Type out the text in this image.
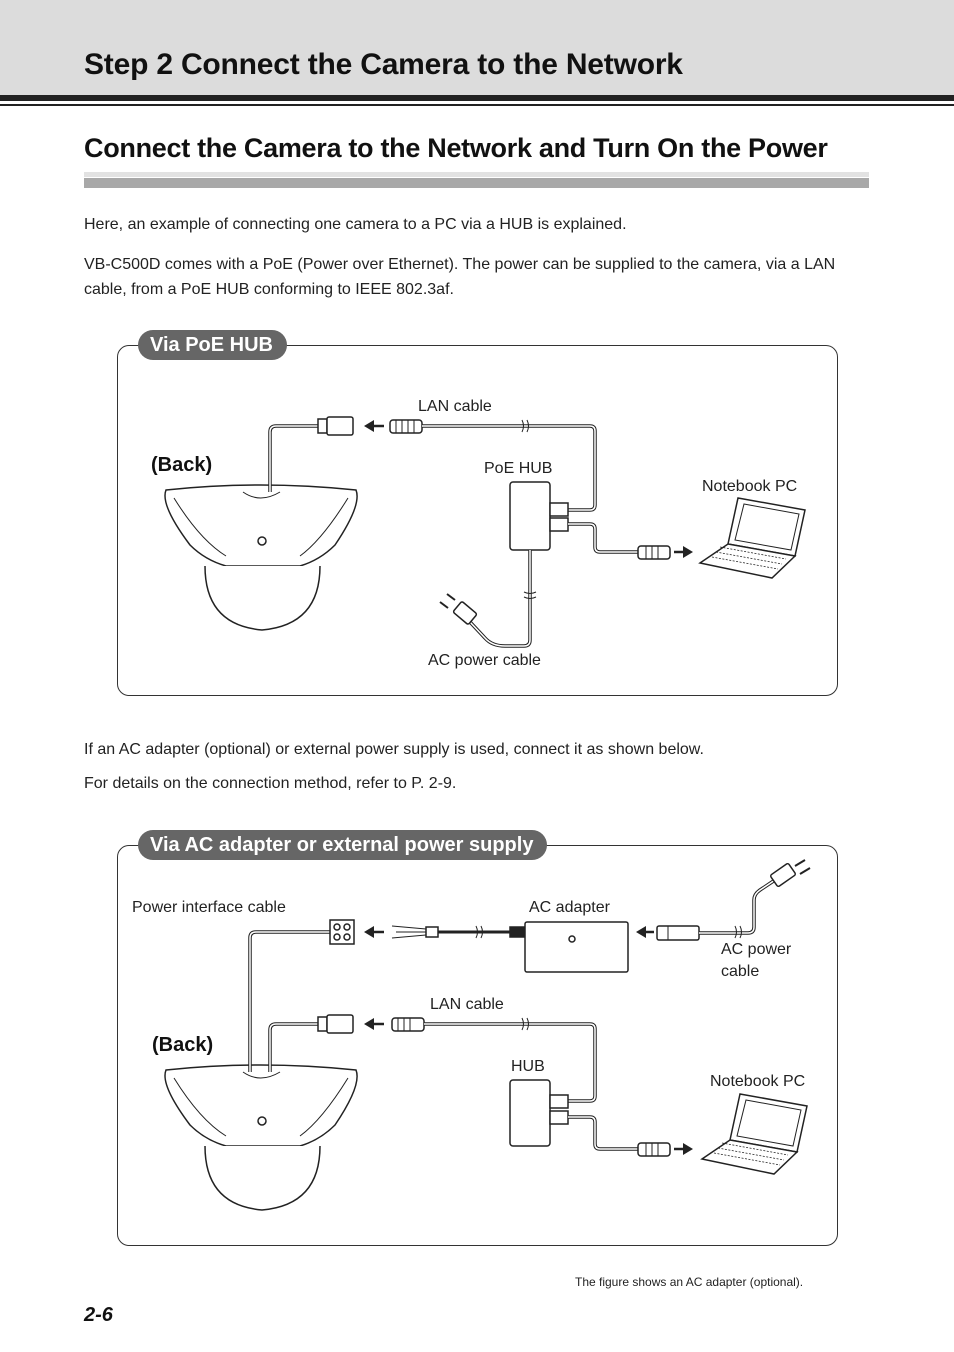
Step 2 Connect the Camera to the Network
Connect the Camera to the Network and Turn On the Power

Here, an example of connecting one camera to a PC via a HUB is explained.

VB-C500D comes with a PoE (Power over Ethernet). The power can be supplied to the camera, via a LAN cable, from a PoE HUB conforming to IEEE 802.3af.

Via PoE HUB
LAN cable
(Back)	PoE HUB
Notebook PC
AC power cable

If an AC adapter (optional) or external power supply is used, connect it as shown below.

For details on the connection method, refer to P. 2-9.

Via AC adapter or external power supply
Power interface cable	AC adapter
AC power cable
LAN cable
(Back)
HUB
Notebook PC
The figure shows an AC adapter (optional).
2-6
